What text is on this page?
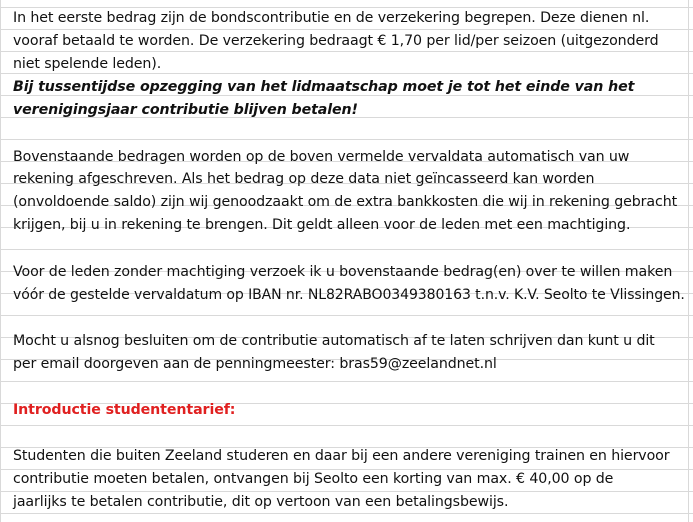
In het eerste bedrag zijn de bondscontributie en de verzekering begrepen. Deze dienen nl.
vooraf betaald te worden. De verzekering bedraagt € 1,70 per lid/per seizoen (uitgezonderd
niet spelende leden).
Bij tussentijdse opzegging van het lidmaatschap moet je tot het einde van het
verenigingsjaar contributie blijven betalen!
Bovenstaande bedragen worden op de boven vermelde vervaldata automatisch van uw
rekening afgeschreven. Als het bedrag op deze data niet geïncasseerd kan worden
(onvoldoende saldo) zijn wij genoodzaakt om de extra bankkosten die wij in rekening gebracht
krijgen, bij u in rekening te brengen. Dit geldt alleen voor de leden met een machtiging.
Voor de leden zonder machtiging verzoek ik u bovenstaande bedrag(en) over te willen maken
vóór de gestelde vervaldatum op IBAN nr. NL82RABO0349380163 t.n.v. K.V. Seolto te Vlissingen.
Mocht u alsnog besluiten om de contributie automatisch af te laten schrijven dan kunt u dit
per email doorgeven aan de penningmeester: bras59@zeelandnet.nl
Introductie studententarief:
Studenten die buiten Zeeland studeren en daar bij een andere vereniging trainen en hiervoor
contributie moeten betalen, ontvangen bij Seolto een korting van max. € 40,00 op de
jaarlijks te betalen contributie, dit op vertoon van een betalingsbewijs.
